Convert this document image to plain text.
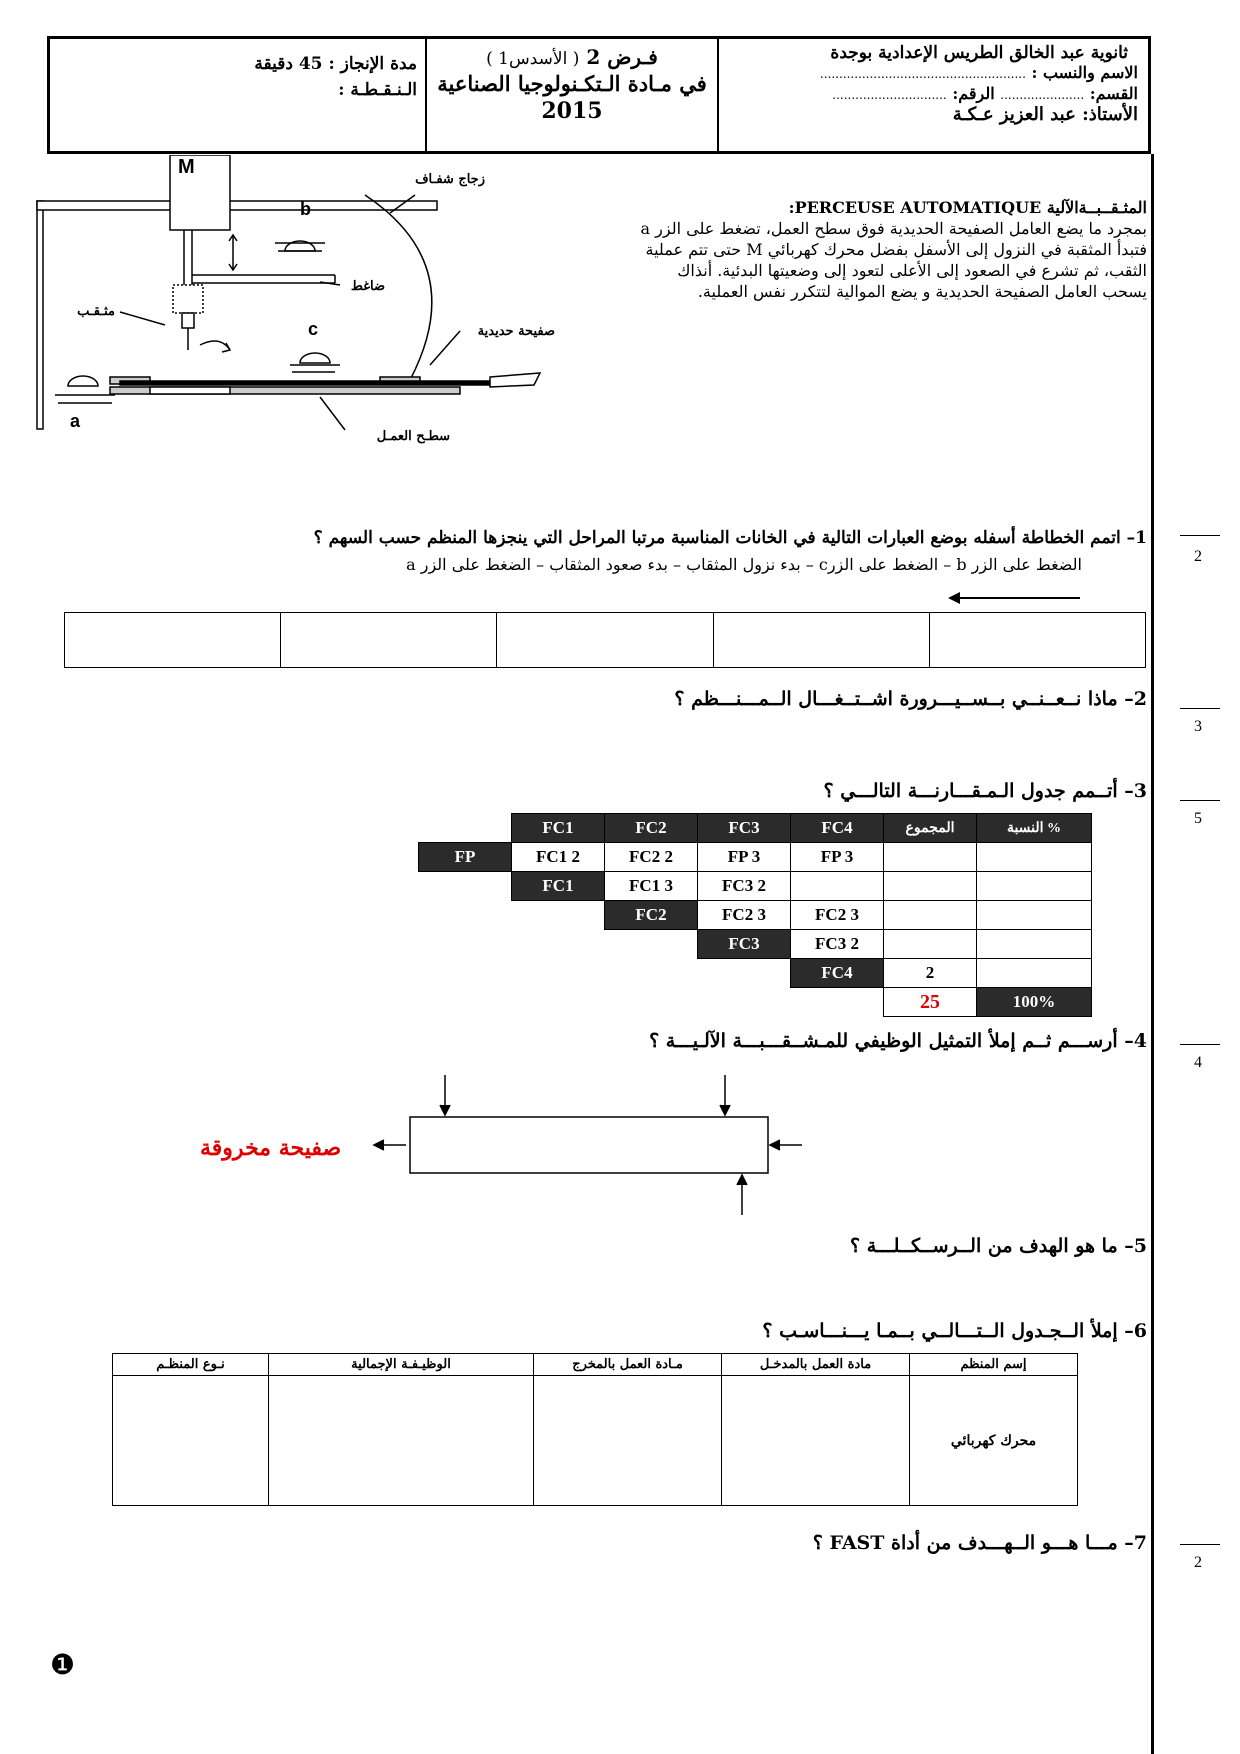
ثانوية عبد الخالق الطريس الإعدادية بوجدة
الاسم والنسب : ......................................................
القسم: ...................... الرقم: ..............................
الأستاذ: عبد العزيز عـكـة
فـرض 2 ( الأسدس1 )
في مـادة الـتكـنولوجيا الصناعية
2015
مدة الإنجاز : 45 دقيقة
الـنـقـطـة :
M
b
c
a
زجاج شفـاف
ضاغط
مثـقـب
صفيحة حديدية
سطـح العمـل
المثـقــبــةالآلية PERCEUSE AUTOMATIQUE:
بمجرد ما يضع العامل الصفيحة الحديدية فوق سطح العمل، تضغط على الزر a
فتبدأ المثقبة في النزول إلى الأسفل بفضل محرك كهربائي M حتى تتم عملية
الثقب، ثم تشرع في الصعود إلى الأعلى لتعود إلى وضعيتها البدئية. أنذاك
يسحب العامل الصفيحة الحديدية و يضع الموالية لتتكرر نفس العملية.
1– اتمم الخطاطة أسفله بوضع العبارات التالية في الخانات المناسبة مرتبا المراحل التي ينجزها المنظم حسب السهم ؟
الضغط على الزر b – الضغط على الزرc – بدء نزول المثقاب – بدء صعود المثقاب – الضغط على الزر a

2– ماذا نــعــنــي بــســيـــرورة اشــتــغـــال الــمـــنـــظم ؟
3– أتــمم جدول الـمـقـــارنـــة التالـــي ؟
	FC1	FC2	FC3	FC4	المجموع	النسبة %
FP	FC1 2	FC2 2	FP 3	FP 3		
	FC1	FC1 3	FC3 2			
		FC2	FC2 3	FC2 3		
			FC3	FC3 2		
				FC4	2	
					25	100%
4– أرســـم ثــم إملأ التمثيل الوظيفي للمـشــقـــبـــة الآلـيـــة ؟
صفيحة مخروقة
5– ما هو الهدف من الــرســكــلـــة ؟
6– إملأ الــجـدول الــتـــالــي بــمـا يـــنـــاسـب ؟
إسم المنظم	مادة العمل بالمدخـل	مـادة العمل بالمخرج	الوظيـفـة الإجمالية	نـوع المنظـم
محرك كهربائي				
7– مـــا هـــو الــهـــدف من أداة FAST ؟
2
3
5
4
2
❶
